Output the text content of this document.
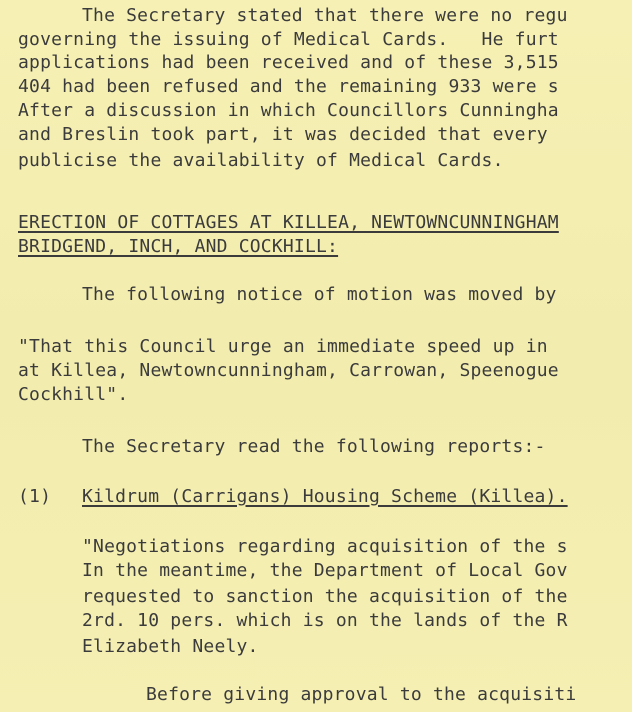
The Secretary stated that there were no regu
governing the issuing of Medical Cards.   He furt
applications had been received and of these 3,515
404 had been refused and the remaining 933 were s
After a discussion in which Councillors Cunningha
and Breslin took part, it was decided that every
publicise the availability of Medical Cards.
ERECTION OF COTTAGES AT KILLEA, NEWTOWNCUNNINGHAM
BRIDGEND, INCH, AND COCKHILL:
The following notice of motion was moved by
"That this Council urge an immediate speed up in
at Killea, Newtowncunningham, Carrowan, Speenogue
Cockhill".
The Secretary read the following reports:-
(1) Kildrum (Carrigans) Housing Scheme (Killea).
"Negotiations regarding acquisition of the s
In the meantime, the Department of Local Gov
requested to sanction the acquisition of the
2rd. 10 pers. which is on the lands of the R
Elizabeth Neely.
Before giving approval to the acquisiti
